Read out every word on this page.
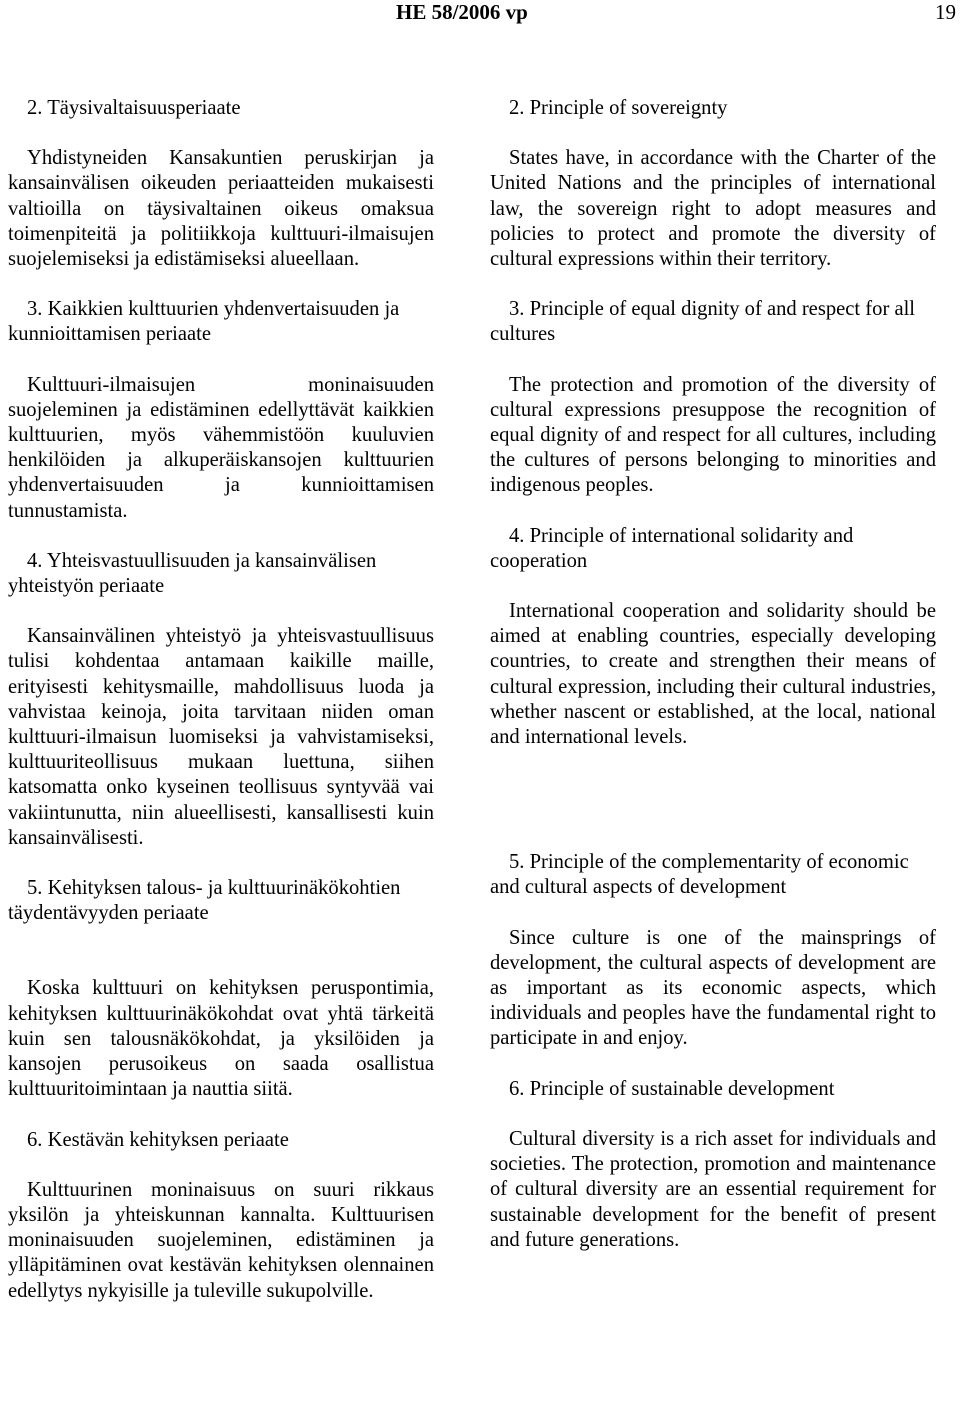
HE 58/2006 vp	19

2. Täysivaltaisuusperiaate

Yhdistyneiden Kansakuntien peruskirjan ja kansainvälisen oikeuden periaatteiden mukaisesti valtioilla on täysivaltainen oikeus omaksua toimenpiteitä ja politiikkoja kulttuuri-ilmaisujen suojelemiseksi ja edistämiseksi alueellaan.

3. Kaikkien kulttuurien yhdenvertaisuuden ja kunnioittamisen periaate

Kulttuuri-ilmaisujen moninaisuuden suojeleminen ja edistäminen edellyttävät kaikkien kulttuurien, myös vähemmistöön kuuluvien henkilöiden ja alkuperäiskansojen kulttuurien yhdenvertaisuuden ja kunnioittamisen tunnustamista.

4. Yhteisvastuullisuuden ja kansainvälisen yhteistyön periaate

Kansainvälinen yhteistyö ja yhteisvastuullisuus tulisi kohdentaa antamaan kaikille maille, erityisesti kehitysmaille, mahdollisuus luoda ja vahvistaa keinoja, joita tarvitaan niiden oman kulttuuri-ilmaisun luomiseksi ja vahvistamiseksi, kulttuuriteollisuus mukaan luettuna, siihen katsomatta onko kyseinen teollisuus syntyvää vai vakiintunutta, niin alueellisesti, kansallisesti kuin kansainvälisesti.

5. Kehityksen talous- ja kulttuurinäkökohtien täydentävyyden periaate

Koska kulttuuri on kehityksen peruspontimia, kehityksen kulttuurinäkökohdat ovat yhtä tärkeitä kuin sen talousnäkökohdat, ja yksilöiden ja kansojen perusoikeus on saada osallistua kulttuuritoimintaan ja nauttia siitä.

6. Kestävän kehityksen periaate

Kulttuurinen moninaisuus on suuri rikkaus yksilön ja yhteiskunnan kannalta. Kulttuurisen moninaisuuden suojeleminen, edistäminen ja ylläpitäminen ovat kestävän kehityksen olennainen edellytys nykyisille ja tuleville sukupolville.

2. Principle of sovereignty

States have, in accordance with the Charter of the United Nations and the principles of international law, the sovereign right to adopt measures and policies to protect and promote the diversity of cultural expressions within their territory.

3. Principle of equal dignity of and respect for all cultures

The protection and promotion of the diversity of cultural expressions presuppose the recognition of equal dignity of and respect for all cultures, including the cultures of persons belonging to minorities and indigenous peoples.

4. Principle of international solidarity and cooperation

International cooperation and solidarity should be aimed at enabling countries, especially developing countries, to create and strengthen their means of cultural expression, including their cultural industries, whether nascent or established, at the local, national and international levels.

5. Principle of the complementarity of economic and cultural aspects of development

Since culture is one of the mainsprings of development, the cultural aspects of development are as important as its economic aspects, which individuals and peoples have the fundamental right to participate in and enjoy.

6. Principle of sustainable development

Cultural diversity is a rich asset for individuals and societies. The protection, promotion and maintenance of cultural diversity are an essential requirement for sustainable development for the benefit of present and future generations.
